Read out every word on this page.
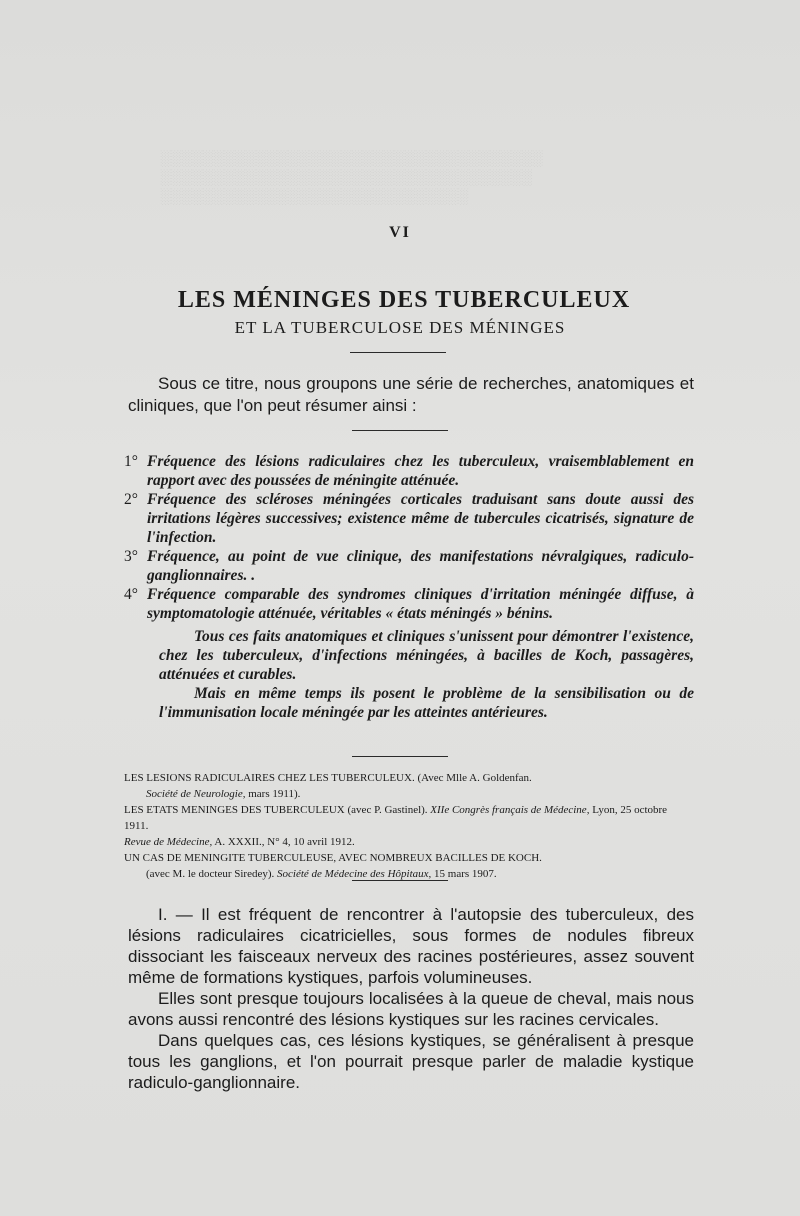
░░░░░░░░░░░░░░░░░░░░░░░░░░░░░░░░░░░░
░░░░░░░░░░░░░░░░░░░░░░░░░░░░░░░░░░░
░░░░░░░░░░░░░░░░░░░░░░░░░░░░░
VI
LES MÉNINGES DES TUBERCULEUX
ET LA TUBERCULOSE DES MÉNINGES
Sous ce titre, nous groupons une série de recherches, anatomiques et cliniques, que l'on peut résumer ainsi :
1° Fréquence des lésions radiculaires chez les tuberculeux, vraisemblablement en rapport avec des poussées de méningite atténuée.
2° Fréquence des scléroses méningées corticales traduisant sans doute aussi des irritations légères successives; existence même de tubercules cicatrisés, signature de l'infection.
3° Fréquence, au point de vue clinique, des manifestations névralgiques, radiculo-ganglionnaires. .
4° Fréquence comparable des syndromes cliniques d'irritation méningée diffuse, à symptomatologie atténuée, véritables « états méningés » bénins.
Tous ces faits anatomiques et cliniques s'unissent pour démontrer l'existence, chez les tuberculeux, d'infections méningées, à bacilles de Koch, passagères, atténuées et curables.
Mais en même temps ils posent le problème de la sensibilisation ou de l'immunisation locale méningée par les atteintes antérieures.

LES LESIONS RADICULAIRES CHEZ LES TUBERCULEUX. (Avec Mlle A. Goldenfan.

Société de Neurologie, mars 1911).

LES ETATS MENINGES DES TUBERCULEUX (avec P. Gastinel). XIIe Congrès français de Médecine, Lyon, 25 octobre 1911.

Revue de Médecine, A. XXXII., N° 4, 10 avril 1912.

UN CAS DE MENINGITE TUBERCULEUSE, AVEC NOMBREUX BACILLES DE KOCH.

(avec M. le docteur Siredey). Société de Médecine des Hôpitaux, 15 mars 1907.

I. — Il est fréquent de rencontrer à l'autopsie des tuberculeux, des lésions radiculaires cicatricielles, sous formes de nodules fibreux dissociant les faisceaux nerveux des racines postérieures, assez souvent même de formations kystiques, parfois volumineuses.

Elles sont presque toujours localisées à la queue de cheval, mais nous avons aussi rencontré des lésions kystiques sur les racines cervicales.

Dans quelques cas, ces lésions kystiques, se généralisent à presque tous les ganglions, et l'on pourrait presque parler de maladie kystique radiculo-ganglionnaire.
